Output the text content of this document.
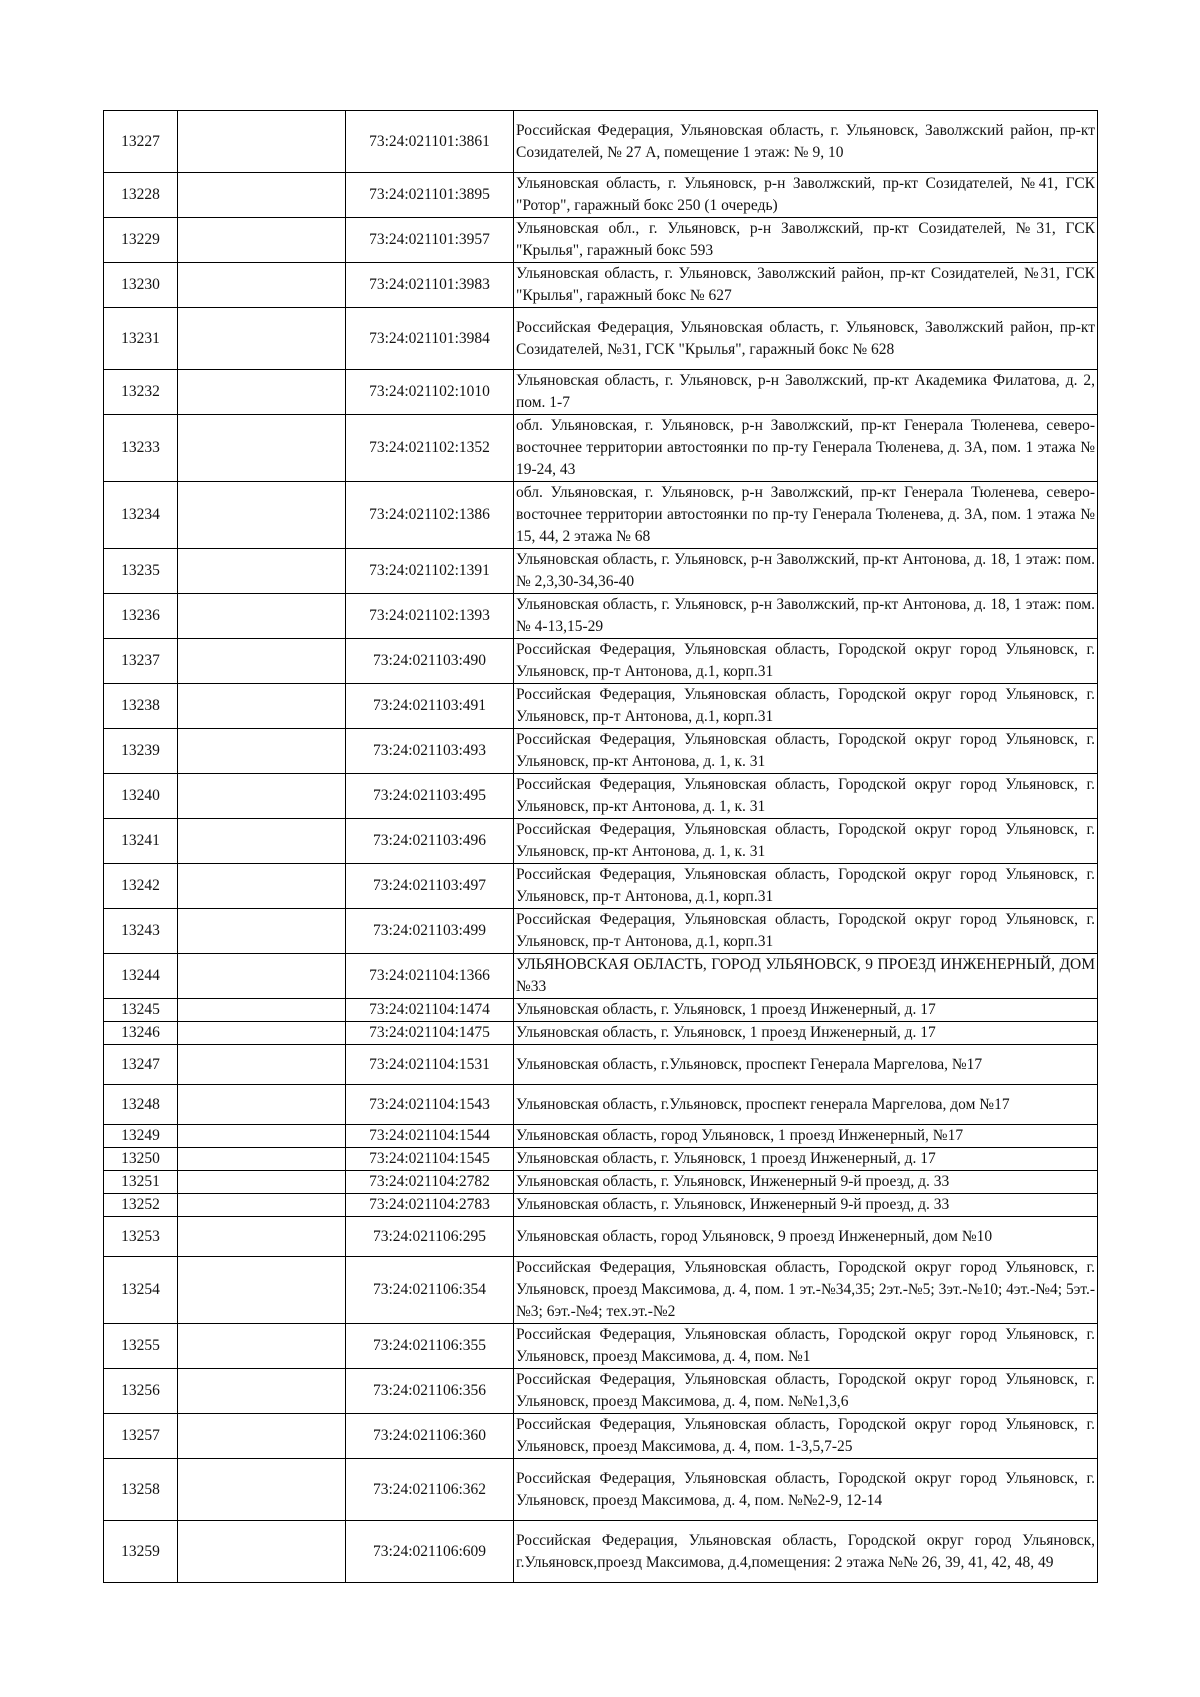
13227		73:24:021101:3861	Российская Федерация, Ульяновская область, г. Ульяновск, Заволжский район, пр-кт Созидателей, № 27 А, помещение 1 этаж: № 9, 10
13228		73:24:021101:3895	Ульяновская область, г. Ульяновск, р-н Заволжский, пр-кт Созидателей, №41, ГСК "Ротор", гаражный бокс 250 (1 очередь)
13229		73:24:021101:3957	Ульяновская обл., г. Ульяновск, р-н Заволжский, пр-кт Созидателей, №31, ГСК "Крылья", гаражный бокс 593
13230		73:24:021101:3983	Ульяновская область, г. Ульяновск, Заволжский район, пр-кт Созидателей, №31, ГСК "Крылья", гаражный бокс № 627
13231		73:24:021101:3984	Российская Федерация, Ульяновская область, г. Ульяновск, Заволжский район, пр-кт Созидателей, №31, ГСК "Крылья", гаражный бокс № 628
13232		73:24:021102:1010	Ульяновская область, г. Ульяновск, р-н Заволжский, пр-кт Академика Филатова, д. 2, пом. 1-7
13233		73:24:021102:1352	обл. Ульяновская, г. Ульяновск, р-н Заволжский, пр-кт Генерала Тюленева, северо-восточнее территории автостоянки по пр-ту Генерала Тюленева, д. 3А, пом. 1 этажа № 19-24, 43
13234		73:24:021102:1386	обл. Ульяновская, г. Ульяновск, р-н Заволжский, пр-кт Генерала Тюленева, северо-восточнее территории автостоянки по пр-ту Генерала Тюленева, д. 3А, пом. 1 этажа № 15, 44, 2 этажа № 68
13235		73:24:021102:1391	Ульяновская область, г. Ульяновск, р-н Заволжский, пр-кт Антонова, д. 18, 1 этаж: пом. № 2,3,30-34,36-40
13236		73:24:021102:1393	Ульяновская область, г. Ульяновск, р-н Заволжский, пр-кт Антонова, д. 18, 1 этаж: пом. № 4-13,15-29
13237		73:24:021103:490	Российская Федерация, Ульяновская область, Городской округ город Ульяновск, г. Ульяновск, пр-т Антонова, д.1, корп.31
13238		73:24:021103:491	Российская Федерация, Ульяновская область, Городской округ город Ульяновск, г. Ульяновск, пр-т Антонова, д.1, корп.31
13239		73:24:021103:493	Российская Федерация, Ульяновская область, Городской округ город Ульяновск, г. Ульяновск, пр-кт Антонова, д. 1, к. 31
13240		73:24:021103:495	Российская Федерация, Ульяновская область, Городской округ город Ульяновск, г. Ульяновск, пр-кт Антонова, д. 1, к. 31
13241		73:24:021103:496	Российская Федерация, Ульяновская область, Городской округ город Ульяновск, г. Ульяновск, пр-кт Антонова, д. 1, к. 31
13242		73:24:021103:497	Российская Федерация, Ульяновская область, Городской округ город Ульяновск, г. Ульяновск, пр-т Антонова, д.1, корп.31
13243		73:24:021103:499	Российская Федерация, Ульяновская область, Городской округ город Ульяновск, г. Ульяновск, пр-т Антонова, д.1, корп.31
13244		73:24:021104:1366	УЛЬЯНОВСКАЯ ОБЛАСТЬ, ГОРОД УЛЬЯНОВСК, 9 ПРОЕЗД ИНЖЕНЕРНЫЙ, ДОМ №33
13245		73:24:021104:1474	Ульяновская область, г. Ульяновск, 1 проезд Инженерный, д. 17
13246		73:24:021104:1475	Ульяновская область, г. Ульяновск, 1 проезд Инженерный, д. 17
13247		73:24:021104:1531	Ульяновская область, г.Ульяновск, проспект Генерала Маргелова, №17
13248		73:24:021104:1543	Ульяновская область, г.Ульяновск, проспект генерала Маргелова, дом №17
13249		73:24:021104:1544	Ульяновская область, город Ульяновск, 1 проезд Инженерный, №17
13250		73:24:021104:1545	Ульяновская область, г. Ульяновск, 1 проезд Инженерный, д. 17
13251		73:24:021104:2782	Ульяновская область, г. Ульяновск, Инженерный 9-й проезд, д. 33
13252		73:24:021104:2783	Ульяновская область, г. Ульяновск, Инженерный 9-й проезд, д. 33
13253		73:24:021106:295	Ульяновская область, город Ульяновск, 9 проезд Инженерный, дом №10
13254		73:24:021106:354	Российская Федерация, Ульяновская область, Городской округ город Ульяновск, г. Ульяновск, проезд Максимова, д. 4, пом. 1 эт.-№34,35; 2эт.-№5; 3эт.-№10; 4эт.-№4; 5эт.-№3; 6эт.-№4; тех.эт.-№2
13255		73:24:021106:355	Российская Федерация, Ульяновская область, Городской округ город Ульяновск, г. Ульяновск, проезд Максимова, д. 4, пом. №1
13256		73:24:021106:356	Российская Федерация, Ульяновская область, Городской округ город Ульяновск, г. Ульяновск, проезд Максимова, д. 4, пом. №№1,3,6
13257		73:24:021106:360	Российская Федерация, Ульяновская область, Городской округ город Ульяновск, г. Ульяновск, проезд Максимова, д. 4, пом. 1-3,5,7-25
13258		73:24:021106:362	Российская Федерация, Ульяновская область, Городской округ город Ульяновск, г. Ульяновск, проезд Максимова, д. 4, пом. №№2-9, 12-14
13259		73:24:021106:609	Российская Федерация, Ульяновская область, Городской округ город Ульяновск, г.Ульяновск,проезд Максимова, д.4,помещения: 2 этажа №№ 26, 39, 41, 42, 48, 49
